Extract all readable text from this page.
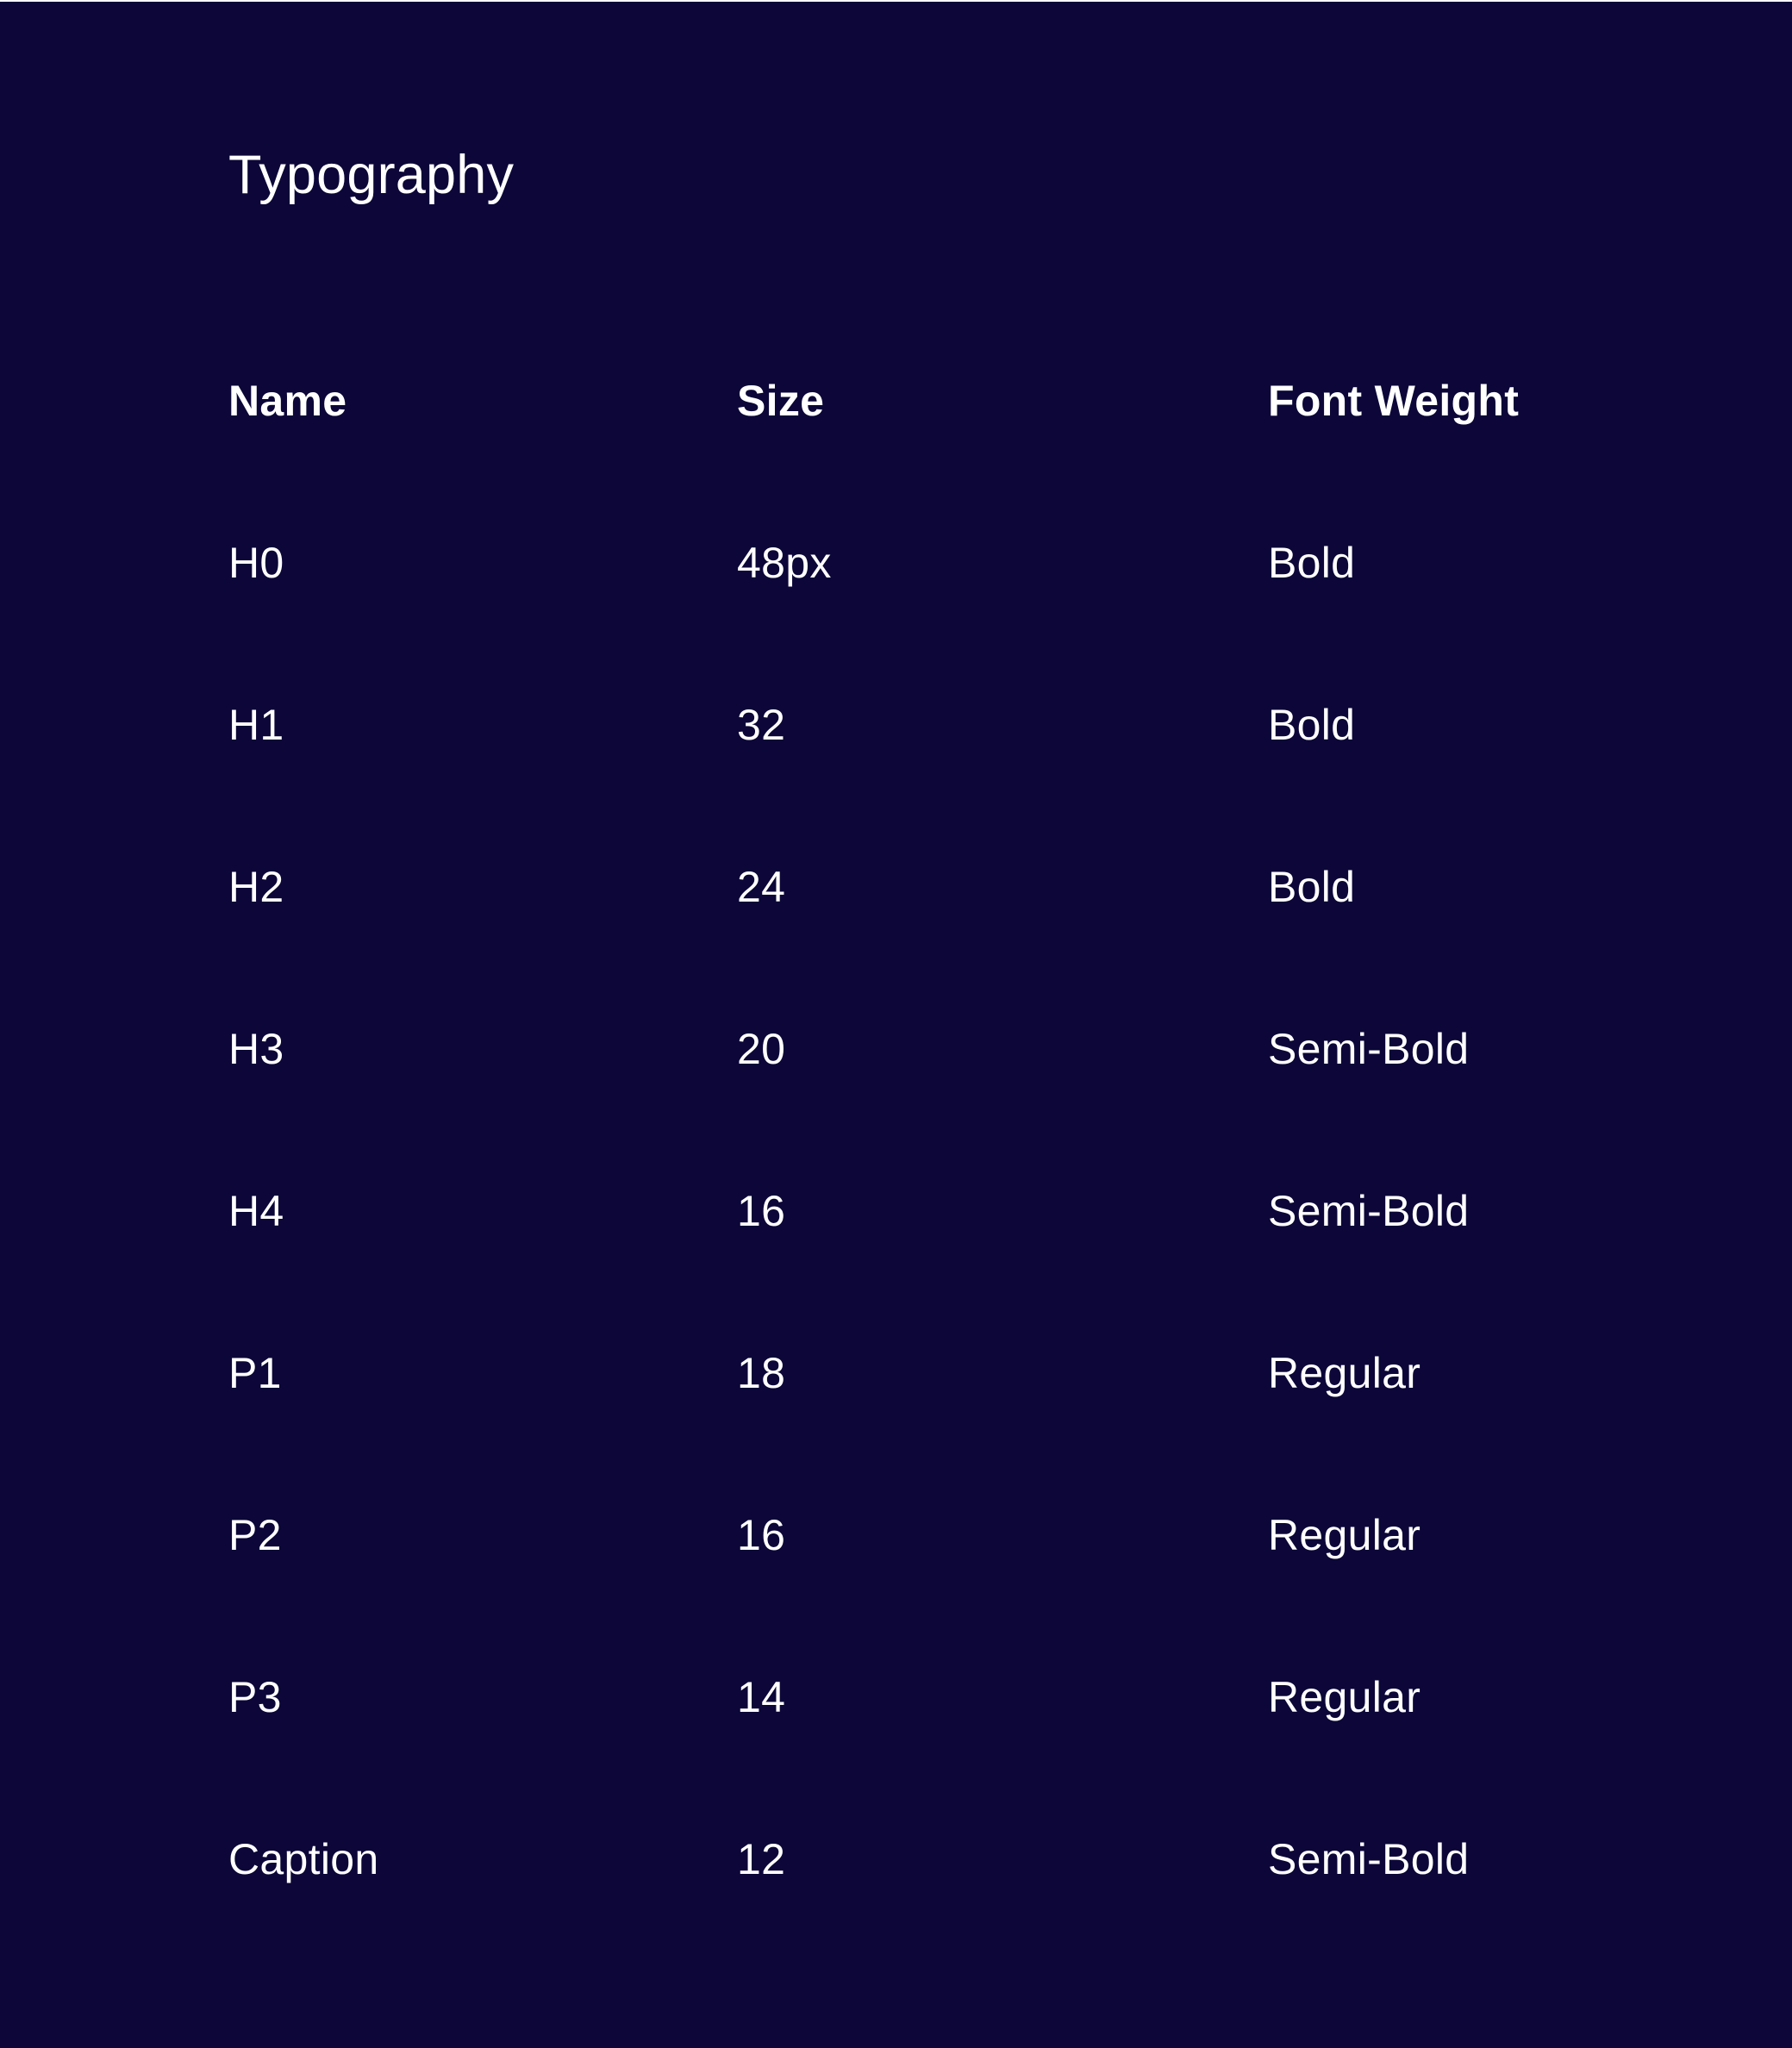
Typography
Name	Size	Font Weight
H0	48px	Bold
H1	32	Bold
H2	24	Bold
H3	20	Semi-Bold
H4	16	Semi-Bold
P1	18	Regular
P2	16	Regular
P3	14	Regular
Caption	12	Semi-Bold
